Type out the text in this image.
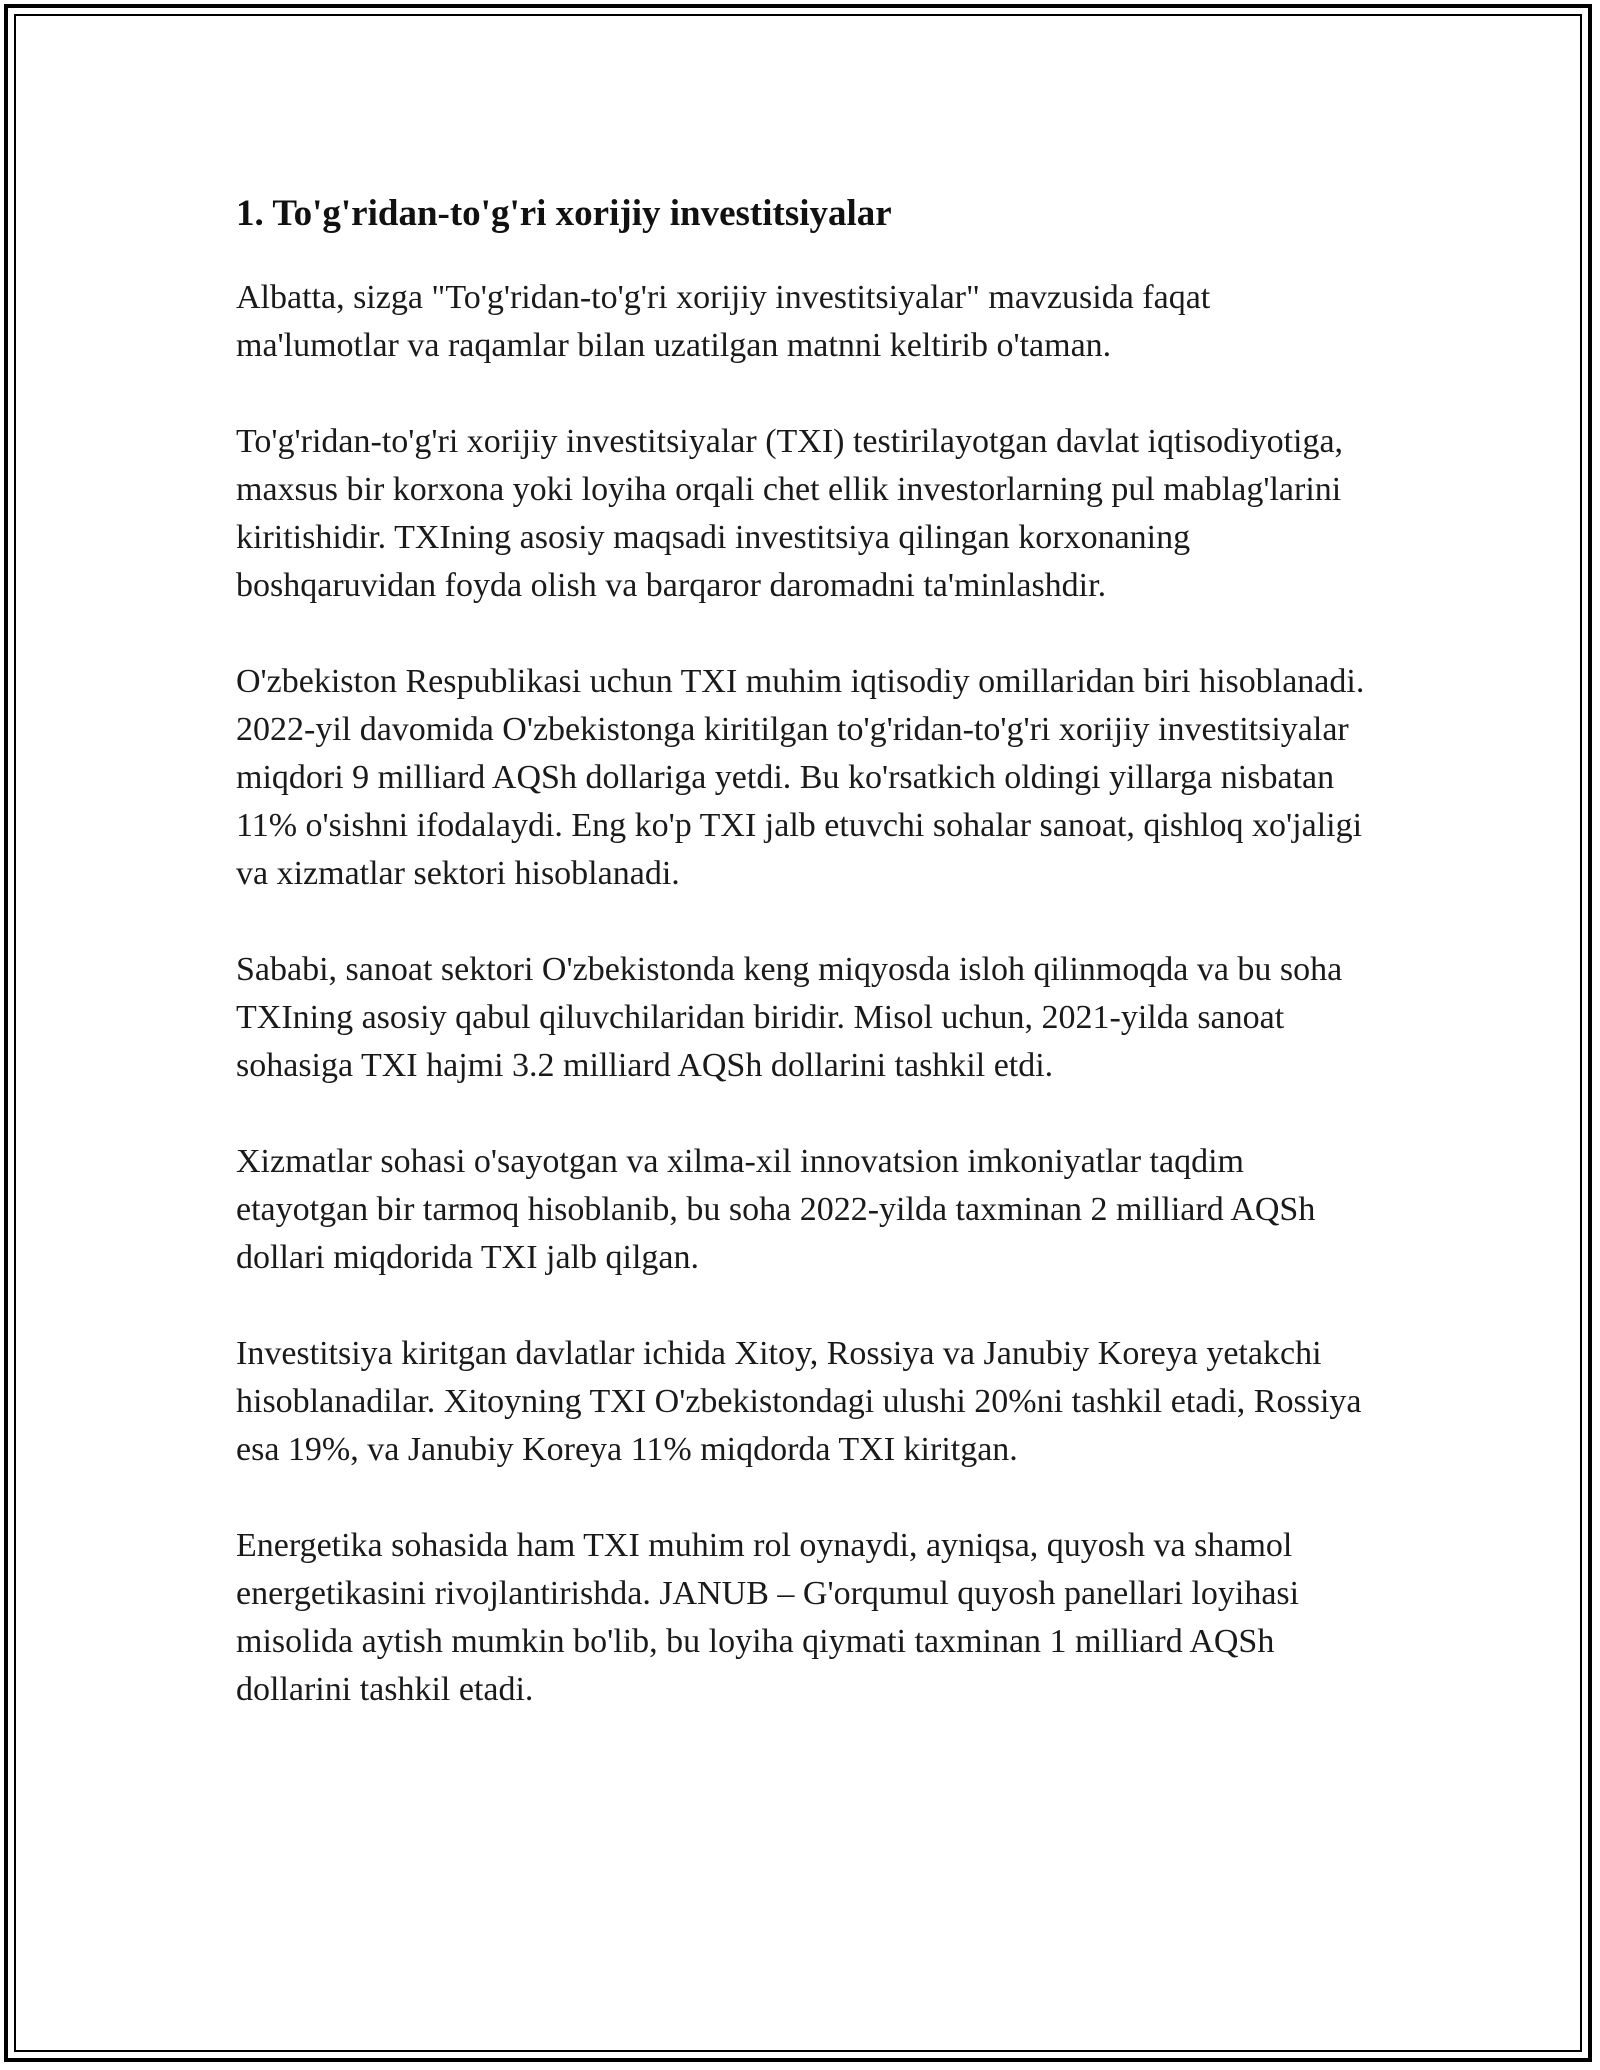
1. To'g'ridan-to'g'ri xorijiy investitsiyalar

Albatta, sizga "To'g'ridan-to'g'ri xorijiy investitsiyalar" mavzusida faqat ma'lumotlar va raqamlar bilan uzatilgan matnni keltirib o'taman.

To'g'ridan-to'g'ri xorijiy investitsiyalar (TXI) testirilayotgan davlat iqtisodiyotiga, maxsus bir korxona yoki loyiha orqali chet ellik investorlarning pul mablag'larini kiritishidir. TXIning asosiy maqsadi investitsiya qilingan korxonaning boshqaruvidan foyda olish va barqaror daromadni ta'minlashdir.

O'zbekiston Respublikasi uchun TXI muhim iqtisodiy omillaridan biri hisoblanadi. 2022-yil davomida O'zbekistonga kiritilgan to'g'ridan-to'g'ri xorijiy investitsiyalar miqdori 9 milliard AQSh dollariga yetdi. Bu ko'rsatkich oldingi yillarga nisbatan 11% o'sishni ifodalaydi. Eng ko'p TXI jalb etuvchi sohalar sanoat, qishloq xo'jaligi va xizmatlar sektori hisoblanadi.

Sababi, sanoat sektori O'zbekistonda keng miqyosda isloh qilinmoqda va bu soha TXIning asosiy qabul qiluvchilaridan biridir. Misol uchun, 2021-yilda sanoat sohasiga TXI hajmi 3.2 milliard AQSh dollarini tashkil etdi.

Xizmatlar sohasi o'sayotgan va xilma-xil innovatsion imkoniyatlar taqdim etayotgan bir tarmoq hisoblanib, bu soha 2022-yilda taxminan 2 milliard AQSh dollari miqdorida TXI jalb qilgan.

Investitsiya kiritgan davlatlar ichida Xitoy, Rossiya va Janubiy Koreya yetakchi hisoblanadilar. Xitoyning TXI O'zbekistondagi ulushi 20%ni tashkil etadi, Rossiya esa 19%, va Janubiy Koreya 11% miqdorda TXI kiritgan.

Energetika sohasida ham TXI muhim rol oynaydi, ayniqsa, quyosh va shamol energetikasini rivojlantirishda. JANUB – G'orqumul quyosh panellari loyihasi misolida aytish mumkin bo'lib, bu loyiha qiymati taxminan 1 milliard AQSh dollarini tashkil etadi.
